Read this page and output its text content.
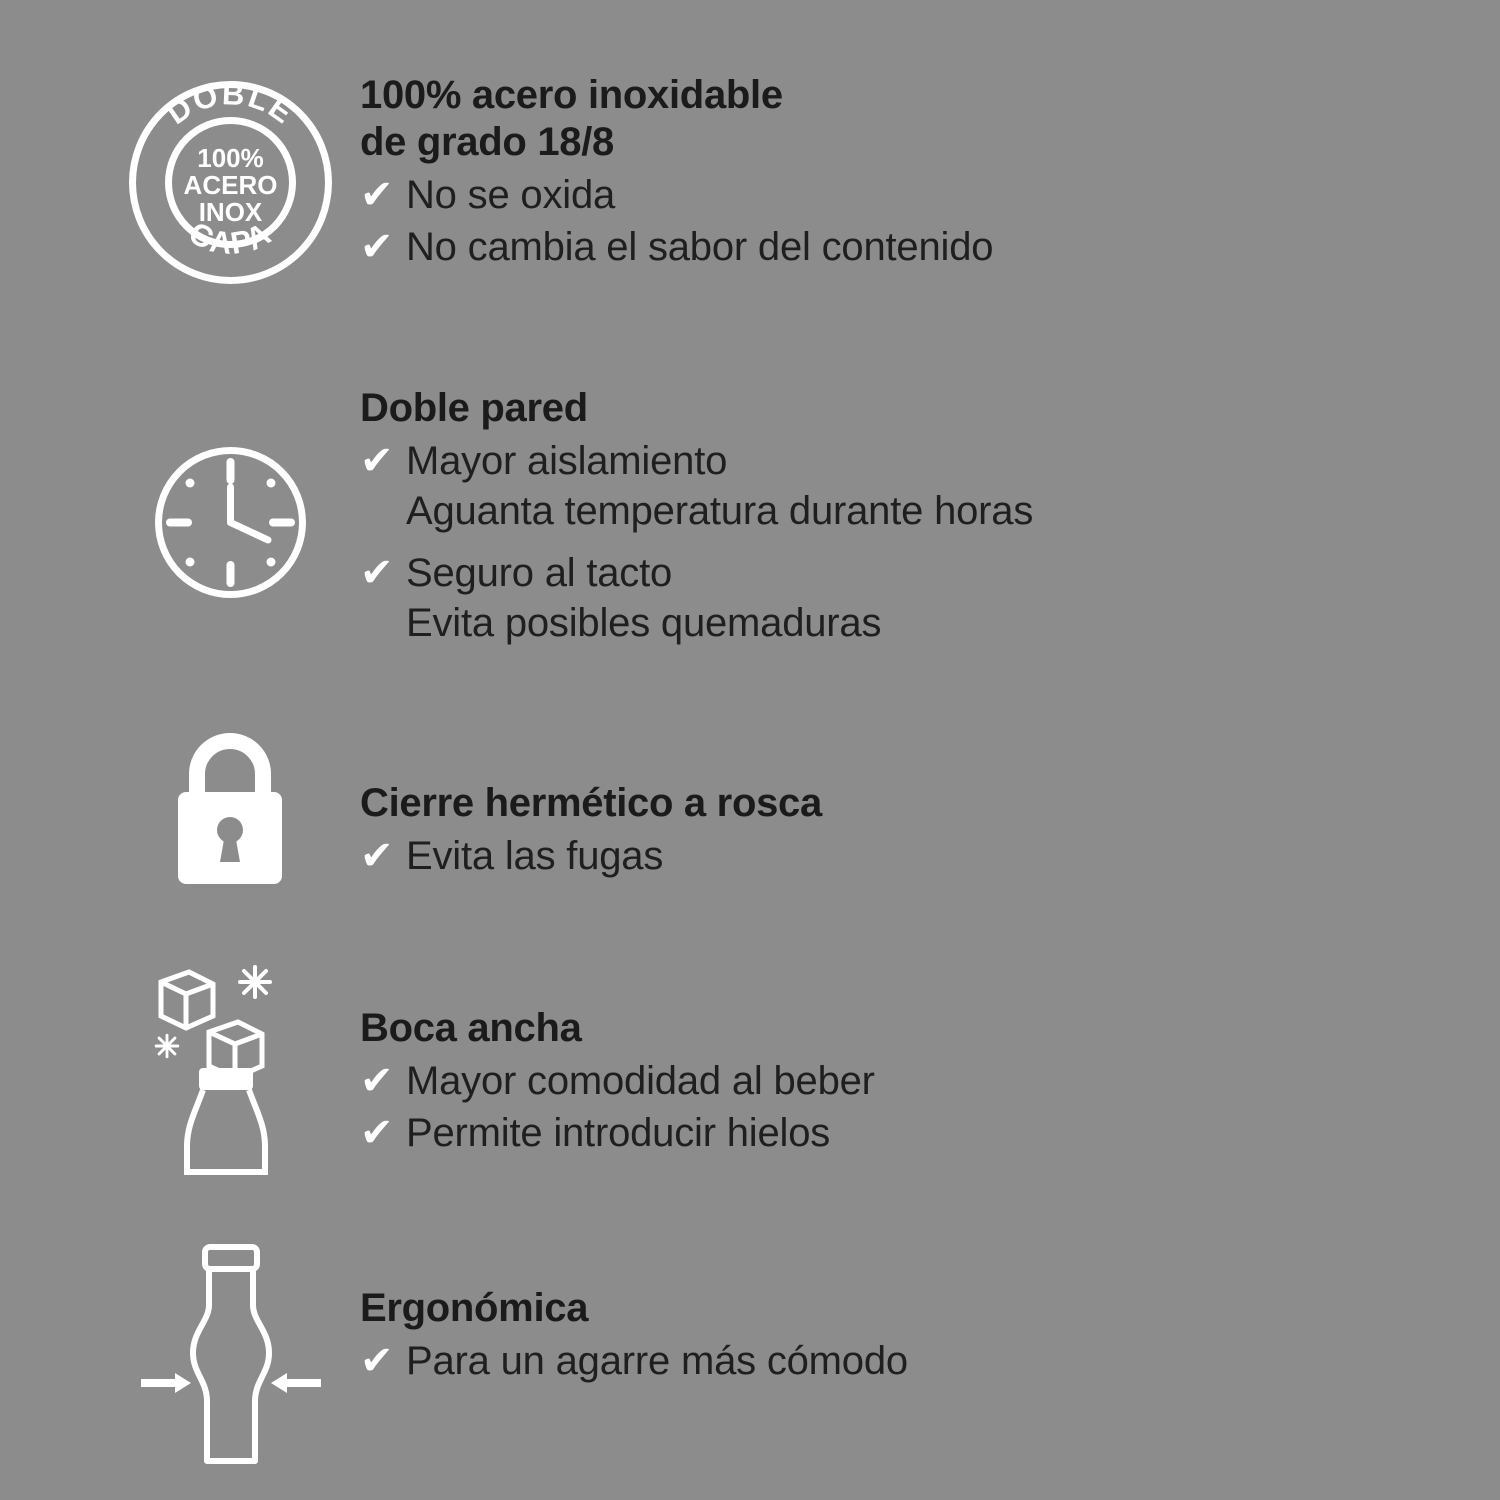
DOBLE
CAPA
100%
ACERO
INOX
100% acero inoxidable
de grado 18/8
✔ No se oxida
✔ No cambia el sabor del contenido
Doble pared
✔ Mayor aislamiento
Aguanta temperatura durante horas
✔ Seguro al tacto
Evita posibles quemaduras
Cierre hermético a rosca
✔ Evita las fugas
Boca ancha
✔ Mayor comodidad al beber
✔ Permite introducir hielos
Ergonómica
✔ Para un agarre más cómodo
